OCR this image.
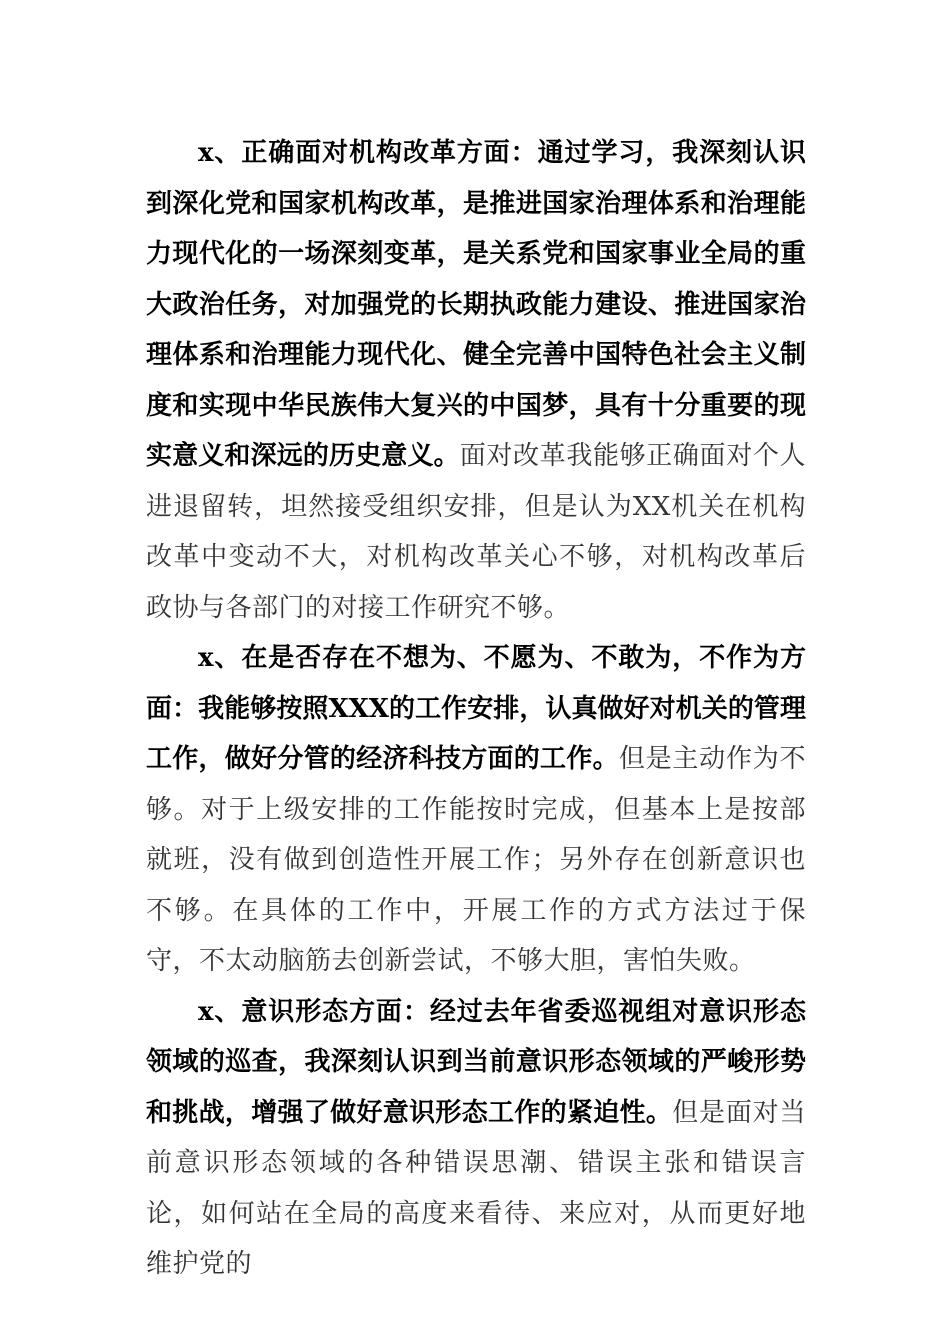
x、正确面对机构改革方面：通过学习，我深刻认识到深化党和国家机构改革，是推进国家治理体系和治理能力现代化的一场深刻变革，是关系党和国家事业全局的重大政治任务，对加强党的长期执政能力建设、推进国家治理体系和治理能力现代化、健全完善中国特色社会主义制度和实现中华民族伟大复兴的中国梦，具有十分重要的现实意义和深远的历史意义。面对改革我能够正确面对个人进退留转，坦然接受组织安排，但是认为XX机关在机构改革中变动不大，对机构改革关心不够，对机构改革后政协与各部门的对接工作研究不够。

x、在是否存在不想为、不愿为、不敢为，不作为方面：我能够按照XXX的工作安排，认真做好对机关的管理工作，做好分管的经济科技方面的工作。但是主动作为不够。对于上级安排的工作能按时完成，但基本上是按部就班，没有做到创造性开展工作；另外存在创新意识也不够。在具体的工作中，开展工作的方式方法过于保守，不太动脑筋去创新尝试，不够大胆，害怕失败。

x、意识形态方面：经过去年省委巡视组对意识形态领域的巡查，我深刻认识到当前意识形态领域的严峻形势和挑战，增强了做好意识形态工作的紧迫性。但是面对当前意识形态领域的各种错误思潮、错误主张和错误言论，如何站在全局的高度来看待、来应对，从而更好地维护党的
